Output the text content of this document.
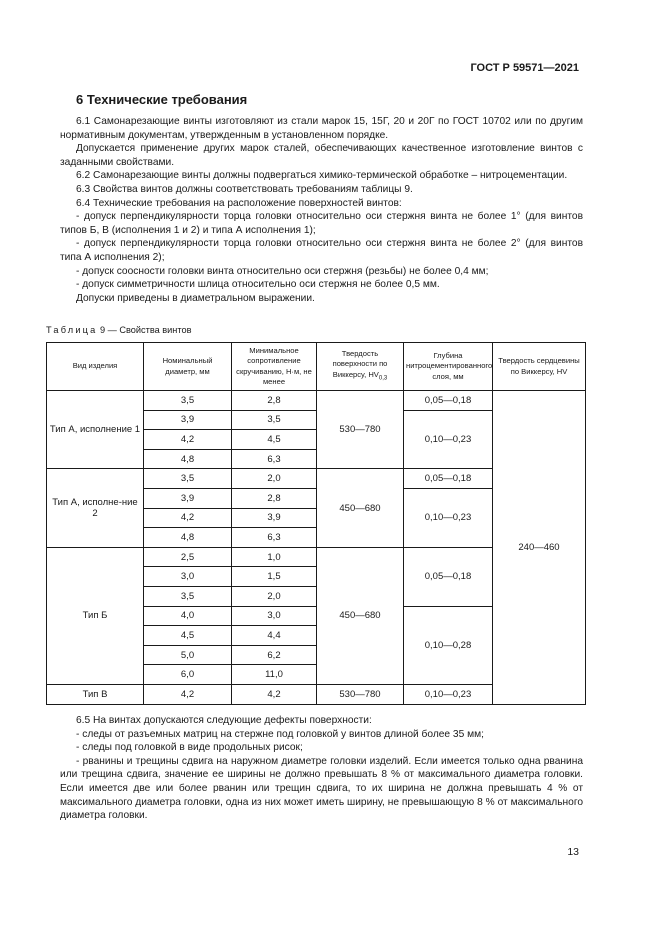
ГОСТ Р 59571—2021
6 Технические требования

6.1 Самонарезающие винты изготовляют из стали марок 15, 15Г, 20 и 20Г по ГОСТ 10702 или по другим нормативным документам, утвержденным в установленном порядке.

Допускается применение других марок сталей, обеспечивающих качественное изготовление винтов с заданными свойствами.

6.2 Самонарезающие винты должны подвергаться химико-термической обработке – нитроцементации.

6.3 Свойства винтов должны соответствовать требованиям таблицы 9.

6.4 Технические требования на расположение поверхностей винтов:

- допуск перпендикулярности торца головки относительно оси стержня винта не более 1° (для винтов типов Б, В (исполнения 1 и 2) и типа А исполнения 1);

- допуск перпендикулярности торца головки относительно оси стержня винта не более 2° (для винтов типа А исполнения 2);

- допуск соосности головки винта относительно оси стержня (резьбы) не более 0,4 мм;

- допуск симметричности шлица относительно оси стержня не более 0,5 мм.

Допуски приведены в диаметральном выражении.

Таблица 9 — Свойства винтов
Вид изделия	Номинальный диаметр, мм	Минимальное сопротивление скручиванию, Н·м, не менее	Твердость поверхности по Виккерсу, $HV_{0,3}$	Глубина нитроцементированного слоя, мм	Твердость сердцевины по Виккерсу, HV
Тип А, исполнение 1	3,5	2,8	530—780	0,05—0,18	240—460
	3,9	3,5		0,10—0,23	
	4,2	4,5			
	4,8	6,3			
Тип А, исполне-ние 2	3,5	2,0	450—680	0,05—0,18	
	3,9	2,8		0,10—0,23	
	4,2	3,9			
	4,8	6,3			
Тип Б	2,5	1,0	450—680	0,05—0,18	
	3,0	1,5			
	3,5	2,0			
	4,0	3,0		0,10—0,28	
	4,5	4,4			
	5,0	6,2			
	6,0	11,0			
Тип В	4,2	4,2	530—780	0,10—0,23	

6.5 На винтах допускаются следующие дефекты поверхности:

- следы от разъемных матриц на стержне под головкой у винтов длиной более 35 мм;

- следы под головкой в виде продольных рисок;

- рванины и трещины сдвига на наружном диаметре головки изделий. Если имеется только одна рванина или трещина сдвига, значение ее ширины не должно превышать 8 % от максимального диаметра головки. Если имеется две или более рванин или трещин сдвига, то их ширина не должна превышать 4 % от максимального диаметра головки, одна из них может иметь ширину, не превышающую 8 % от максимального диаметра головки.

13
